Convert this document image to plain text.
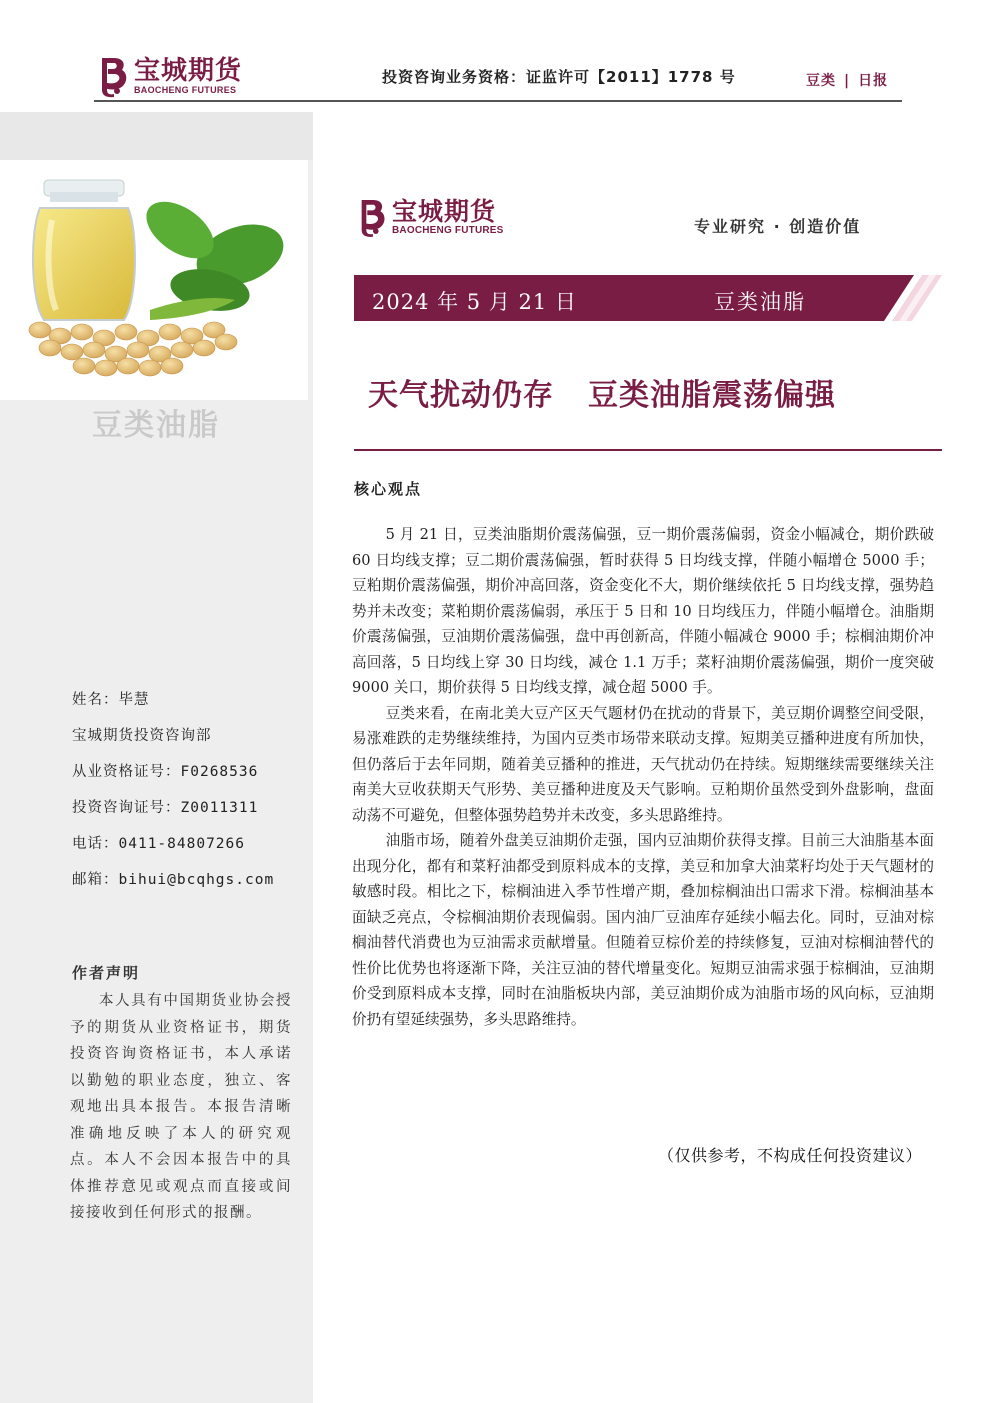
宝城期货
BAOCHENG FUTURES
投资咨询业务资格：证监许可【2011】1778 号	豆类 | 日报
豆类油脂
姓名：毕慧
宝城期货投资咨询部
从业资格证号：F0268536
投资咨询证号：Z0011311
电话：0411-84807266
邮箱：bihui@bcqhgs.com
作者声明
本人具有中国期货业协会授予的期货从业资格证书，期货投资咨询资格证书，本人承诺以勤勉的职业态度，独立、客观地出具本报告。本报告清晰准确地反映了本人的研究观点。本人不会因本报告中的具体推荐意见或观点而直接或间接接收到任何形式的报酬。
宝城期货
BAOCHENG FUTURES	专业研究 · 创造价值
2024 年 5 月 21 日	豆类油脂
天气扰动仍存 豆类油脂震荡偏强
核心观点

5 月 21 日，豆类油脂期价震荡偏强，豆一期价震荡偏弱，资金小幅减仓，期价跌破 60 日均线支撑；豆二期价震荡偏强，暂时获得 5 日均线支撑，伴随小幅增仓 5000 手；豆粕期价震荡偏强，期价冲高回落，资金变化不大，期价继续依托 5 日均线支撑，强势趋势并未改变；菜粕期价震荡偏弱，承压于 5 日和 10 日均线压力，伴随小幅增仓。油脂期价震荡偏强，豆油期价震荡偏强，盘中再创新高，伴随小幅减仓 9000 手；棕榈油期价冲高回落，5 日均线上穿 30 日均线，减仓 1.1 万手；菜籽油期价震荡偏强，期价一度突破 9000 关口，期价获得 5 日均线支撑，减仓超 5000 手。

豆类来看，在南北美大豆产区天气题材仍在扰动的背景下，美豆期价调整空间受限，易涨难跌的走势继续维持，为国内豆类市场带来联动支撑。短期美豆播种进度有所加快，但仍落后于去年同期，随着美豆播种的推进，天气扰动仍在持续。短期继续需要继续关注南美大豆收获期天气形势、美豆播种进度及天气影响。豆粕期价虽然受到外盘影响，盘面动荡不可避免，但整体强势趋势并未改变，多头思路维持。

油脂市场，随着外盘美豆油期价走强，国内豆油期价获得支撑。目前三大油脂基本面出现分化，都有和菜籽油都受到原料成本的支撑，美豆和加拿大油菜籽均处于天气题材的敏感时段。相比之下，棕榈油进入季节性增产期，叠加棕榈油出口需求下滑。棕榈油基本面缺乏亮点，令棕榈油期价表现偏弱。国内油厂豆油库存延续小幅去化。同时，豆油对棕榈油替代消费也为豆油需求贡献增量。但随着豆棕价差的持续修复，豆油对棕榈油替代的性价比优势也将逐渐下降，关注豆油的替代增量变化。短期豆油需求强于棕榈油，豆油期价受到原料成本支撑，同时在油脂板块内部，美豆油期价成为油脂市场的风向标，豆油期价扔有望延续强势，多头思路维持。

（仅供参考，不构成任何投资建议）
